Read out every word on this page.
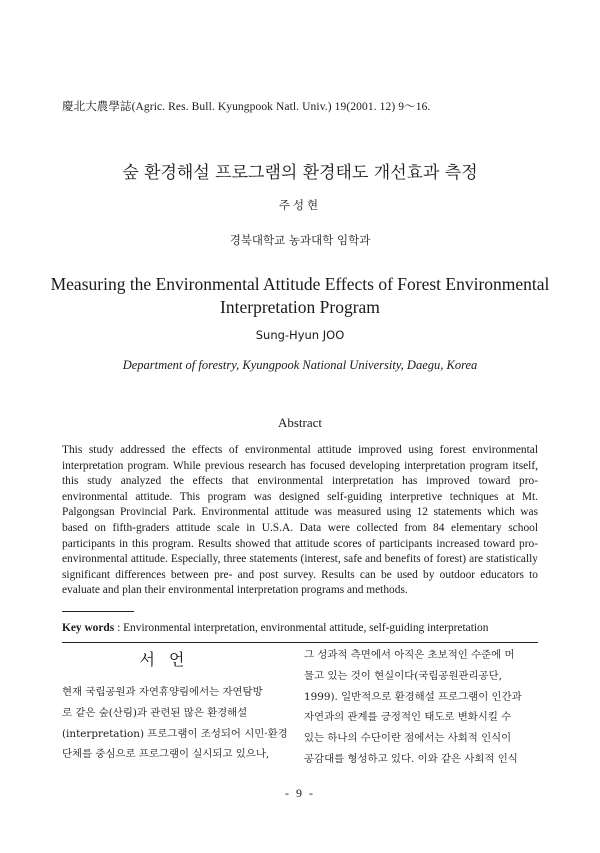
慶北大農學誌(Agric. Res. Bull. Kyungpook Natl. Univ.) 19(2001. 12) 9～16.
숲 환경해설 프로그램의 환경태도 개선효과 측정
주성현
경북대학교 농과대학 임학과
Measuring the Environmental Attitude Effects of Forest Environmental Interpretation Program
Sung-Hyun JOO
Department of forestry, Kyungpook National University, Daegu, Korea
Abstract
This study addressed the effects of environmental attitude improved using forest environmental interpretation program. While previous research has focused developing interpretation program itself, this study analyzed the effects that environmental interpretation has improved toward pro-environmental attitude. This program was designed self-guiding interpretive techniques at Mt. Palgongsan Provincial Park. Environmental attitude was measured using 12 statements which was based on fifth-graders attitude scale in U.S.A. Data were collected from 84 elementary school participants in this program. Results showed that attitude scores of participants increased toward pro-environmental attitude. Especially, three statements (interest, safe and benefits of forest) are statistically significant differences between pre- and post survey. Results can be used by outdoor educators to evaluate and plan their environmental interpretation programs and methods.
Key words : Environmental interpretation, environmental attitude, self-guiding interpretation
서언
현재 국립공원과 자연휴양림에서는 자연탐방
로 같은 숲(산림)과 관련된 많은 환경해설
(interpretation) 프로그램이 조성되어 시민·환경
단체를 중심으로 프로그램이 실시되고 있으나,
그 성과적 측면에서 아직은 초보적인 수준에 머
물고 있는 것이 현실이다(국립공원관리공단,
1999). 일반적으로 환경해설 프로그램이 인간과
자연과의 관계를 긍정적인 태도로 변화시킬 수
있는 하나의 수단이란 점에서는 사회적 인식이
공감대를 형성하고 있다. 이와 같은 사회적 인식
- 9 -
